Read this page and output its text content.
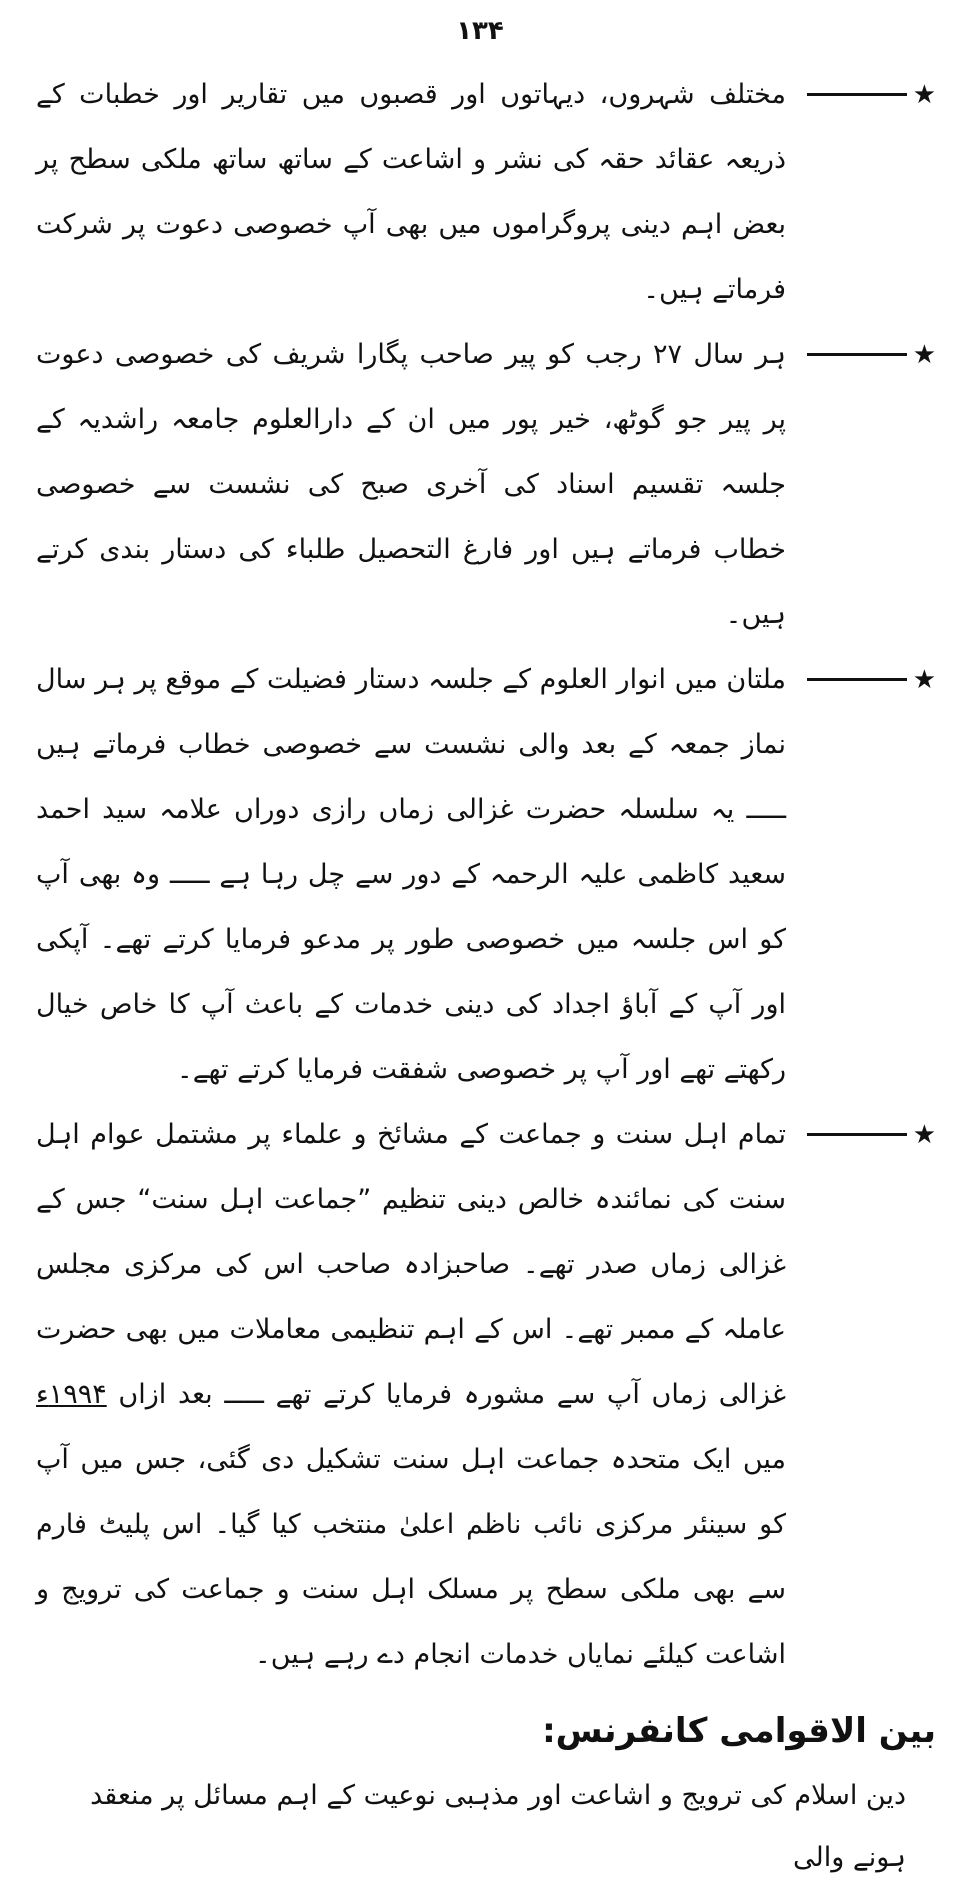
۱۳۴

★
مختلف شہروں، دیہاتوں اور قصبوں میں تقاریر اور خطبات کے ذریعہ عقائد حقہ کی نشر و اشاعت کے ساتھ ساتھ ملکی سطح پر بعض اہم دینی پروگراموں میں بھی آپ خصوصی دعوت پر شرکت فرماتے ہیں۔

★
ہر سال ۲۷ رجب کو پیر صاحب پگارا شریف کی خصوصی دعوت پر پیر جو گوٹھ، خیر پور میں ان کے دارالعلوم جامعہ راشدیہ کے جلسہ تقسیم اسناد کی آخری صبح کی نشست سے خصوصی خطاب فرماتے ہیں اور فارغ التحصیل طلباء کی دستار بندی کرتے ہیں۔

★
ملتان میں انوار العلوم کے جلسہ دستار فضیلت کے موقع پر ہر سال نماز جمعہ کے بعد والی نشست سے خصوصی خطاب فرماتے ہیں ـــــ یہ سلسلہ حضرت غزالی زماں رازی دوراں علامہ سید احمد سعید کاظمی علیہ الرحمہ کے دور سے چل رہا ہے ـــــ وہ بھی آپ کو اس جلسہ میں خصوصی طور پر مدعو فرمایا کرتے تھے۔ آپکی اور آپ کے آباؤ اجداد کی دینی خدمات کے باعث آپ کا خاص خیال رکھتے تھے اور آپ پر خصوصی شفقت فرمایا کرتے تھے۔

★
تمام اہل سنت و جماعت کے مشائخ و علماء پر مشتمل عوام اہل سنت کی نمائندہ خالص دینی تنظیم ”جماعت اہل سنت“ جس کے غزالی زماں صدر تھے۔ صاحبزادہ صاحب اس کی مرکزی مجلس عاملہ کے ممبر تھے۔ اس کے اہم تنظیمی معاملات میں بھی حضرت غزالی زماں آپ سے مشورہ فرمایا کرتے تھے ـــــ بعد ازاں ۱۹۹۴ء میں ایک متحدہ جماعت اہل سنت تشکیل دی گئی، جس میں آپ کو سینئر مرکزی نائب ناظم اعلیٰ منتخب کیا گیا۔ اس پلیٹ فارم سے بھی ملکی سطح پر مسلک اہل سنت و جماعت کی ترویج و اشاعت کیلئے نمایاں خدمات انجام دے رہے ہیں۔

بین الاقوامی کانفرنس:

دین اسلام کی ترویج و اشاعت اور مذہبی نوعیت کے اہم مسائل پر منعقد ہونے والی
